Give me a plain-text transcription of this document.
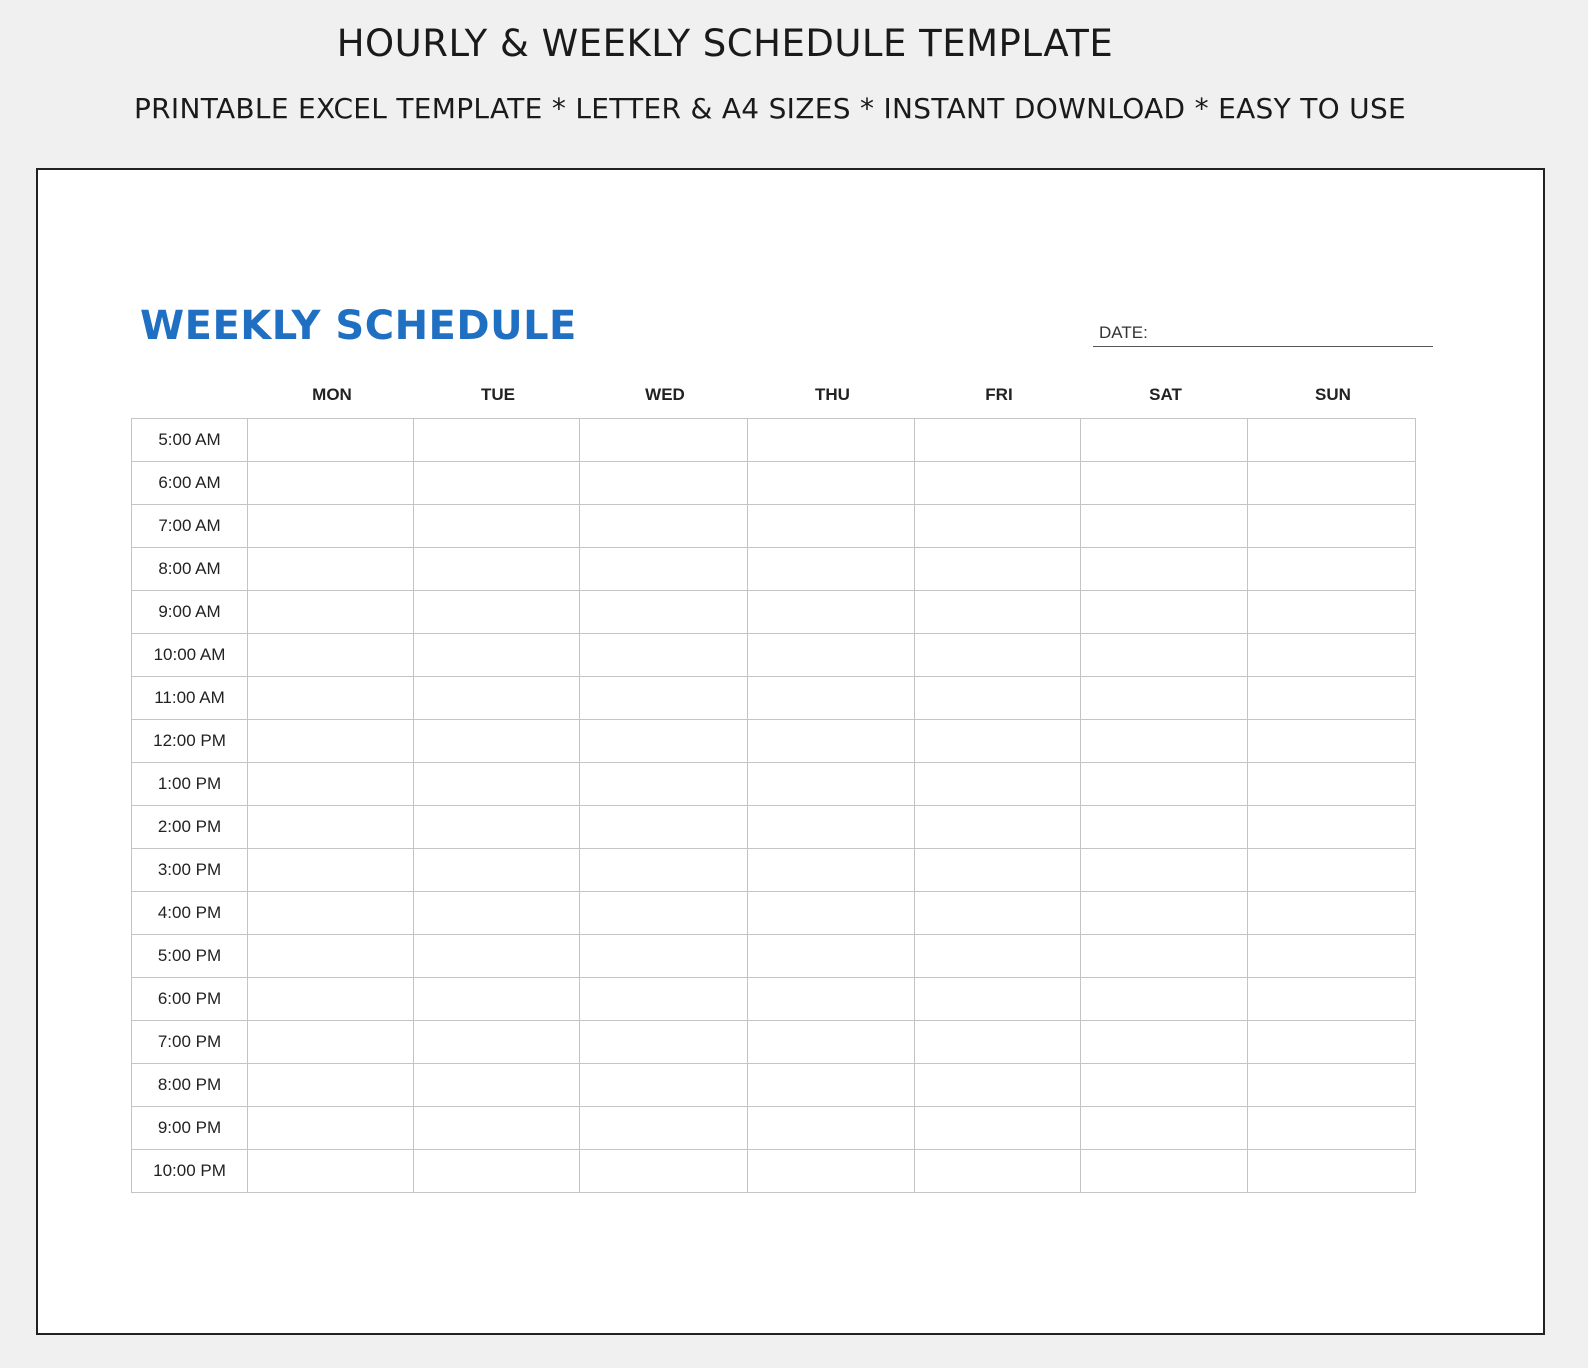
HOURLY & WEEKLY SCHEDULE TEMPLATE

PRINTABLE EXCEL TEMPLATE * LETTER & A4 SIZES * INSTANT DOWNLOAD * EASY TO USE

WEEKLY SCHEDULE	DATE:
MON	TUE	WED	THU	FRI	SAT	SUN
5:00 AM							
6:00 AM							
7:00 AM							
8:00 AM							
9:00 AM							
10:00 AM							
11:00 AM							
12:00 PM							
1:00 PM							
2:00 PM							
3:00 PM							
4:00 PM							
5:00 PM							
6:00 PM							
7:00 PM							
8:00 PM							
9:00 PM							
10:00 PM							
